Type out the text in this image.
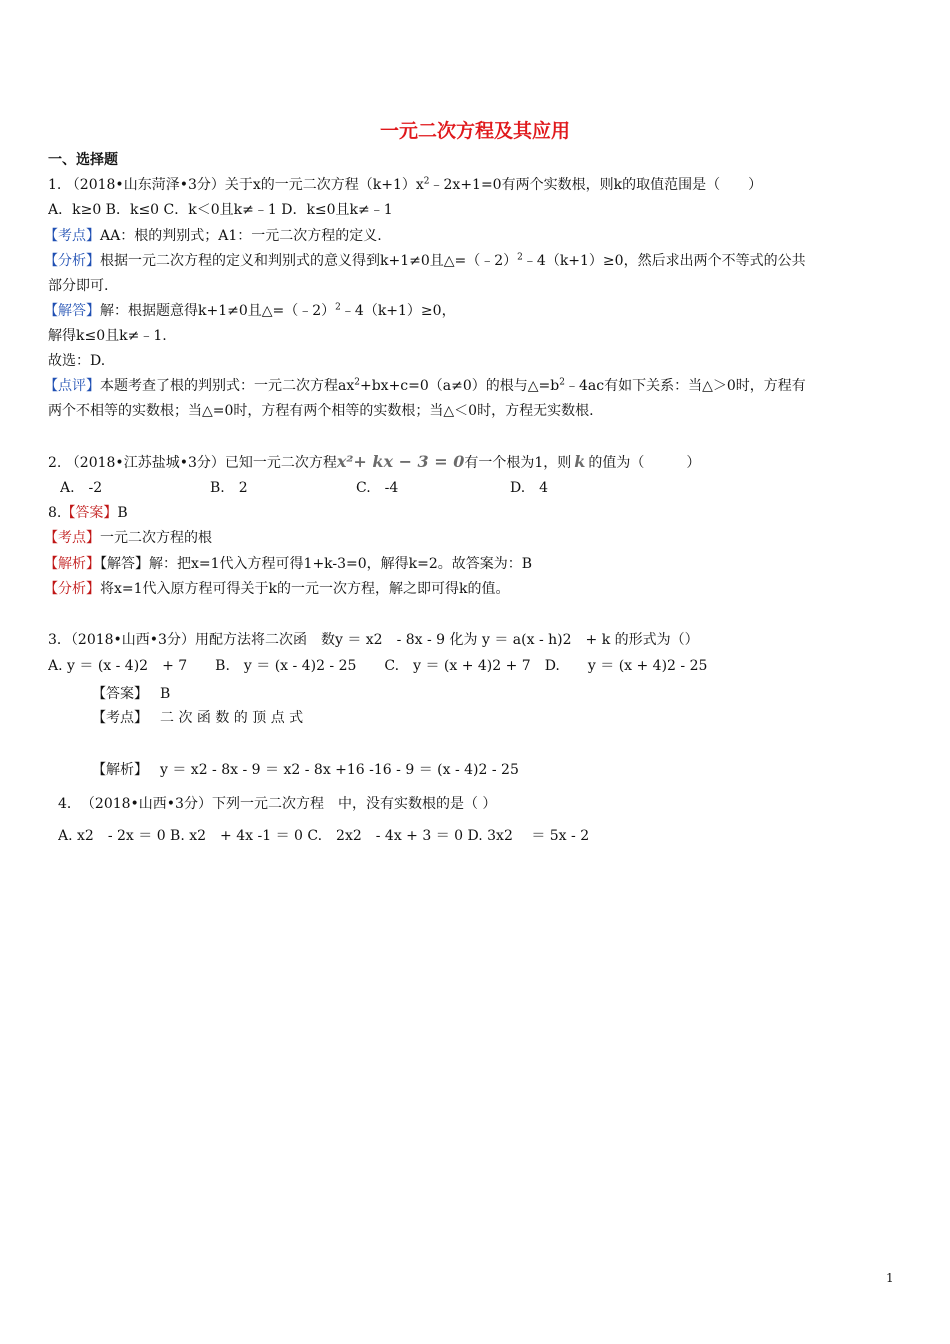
一元二次方程及其应用
一、选择题
1. （2018•山东菏泽•3分）关于x的一元二次方程$(k+1)x^2﹣2x+1=0$有两个实数根，则k的取值范围是（　　）
A．k≥0 B．k≤0 C．k＜0且k≠﹣1 D．k≤0且k≠﹣1
【考点】AA：根的判别式；A1：一元二次方程的定义.
【分析】根据一元二次方程的定义和判别式的意义得到k+1≠0且△=（﹣2）$^2$﹣4（k+1）≥0，然后求出两个不等式的公共
部分即可.
【解答】解：根据题意得k+1≠0且△=（﹣2）$^2$﹣4（k+1）≥0，
解得k≤0且k≠﹣1.
故选：D.
【点评】本题考查了根的判别式：一元二次方程$ax^2+bx+c=0(a\ne 0)$的根与$\triangle=b^2﹣4ac$有如下关系：当△＞0时，方程有
两个不相等的实数根；当△=0时，方程有两个相等的实数根；当△＜0时，方程无实数根.
2. （2018•江苏盐城•3分）已知一元二次方程x²+ kx − 3 = 0有一个根为1，则 k 的值为（　　　）
A.　-2	B.　2	C.　-4	D.　4
8.【答案】B
【考点】一元二次方程的根
【解析】【解答】解：把x=1代入方程可得1+k-3=0，解得k=2。故答案为：B
【分析】将x=1代入原方程可得关于k的一元一次方程，解之即可得k的值。
3．（2018•山西•3分）用配方法将二次函　数y ＝ x2　- 8x - 9 化为 y ＝ a(x - h)2　+ k 的形式为（）
A. y ＝ (x - 4)2　+ 7　　B.　y ＝ (x - 4)2 - 25　　C.　y ＝ (x + 4)2 + 7　D.　　y ＝ (x + 4)2 - 25
【答案】 B
【考点】 二 次 函 数 的 顶 点 式
【解析】 y ＝ x2 - 8x - 9 ＝ x2 - 8x +16 -16 - 9 ＝ (x - 4)2 - 25
4．　（2018•山西•3分）下列一元二次方程　中，没有实数根的是（ ）
A. x2　- 2x ＝ 0 B. x2　+ 4x -1 ＝ 0 C.　2x2　- 4x + 3 ＝ 0 D. 3x2　 ＝ 5x - 2
1
